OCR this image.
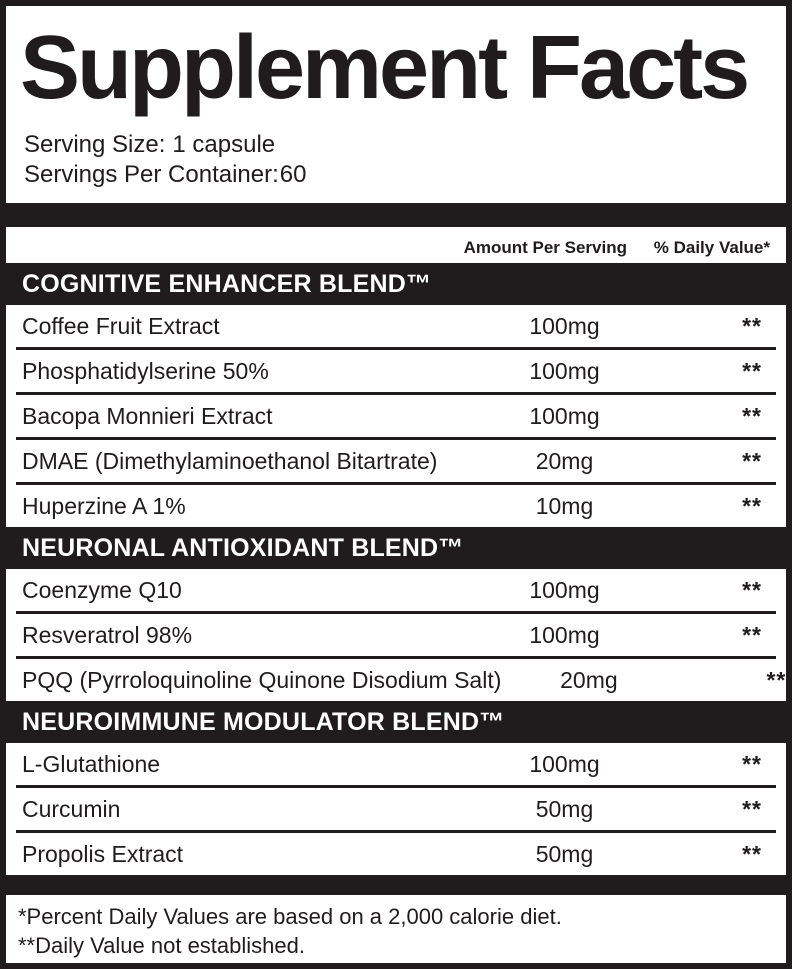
Supplement Facts
Serving Size: 1 capsule
Servings Per Container:60
Amount Per Serving % Daily Value*
COGNITIVE ENHANCER BLEND™
Coffee Fruit Extract	100mg	**
Phosphatidylserine 50%	100mg	**
Bacopa Monnieri Extract	100mg	**
DMAE (Dimethylaminoethanol Bitartrate)	20mg	**
Huperzine A 1%	10mg	**
NEURONAL ANTIOXIDANT BLEND™
Coenzyme Q10	100mg	**
Resveratrol 98%	100mg	**
PQQ (Pyrroloquinoline Quinone Disodium Salt)	20mg	**
NEUROIMMUNE MODULATOR BLEND™
L-Glutathione	100mg	**
Curcumin	50mg	**
Propolis Extract	50mg	**
*Percent Daily Values are based on a 2,000 calorie diet.
**Daily Value not established.
